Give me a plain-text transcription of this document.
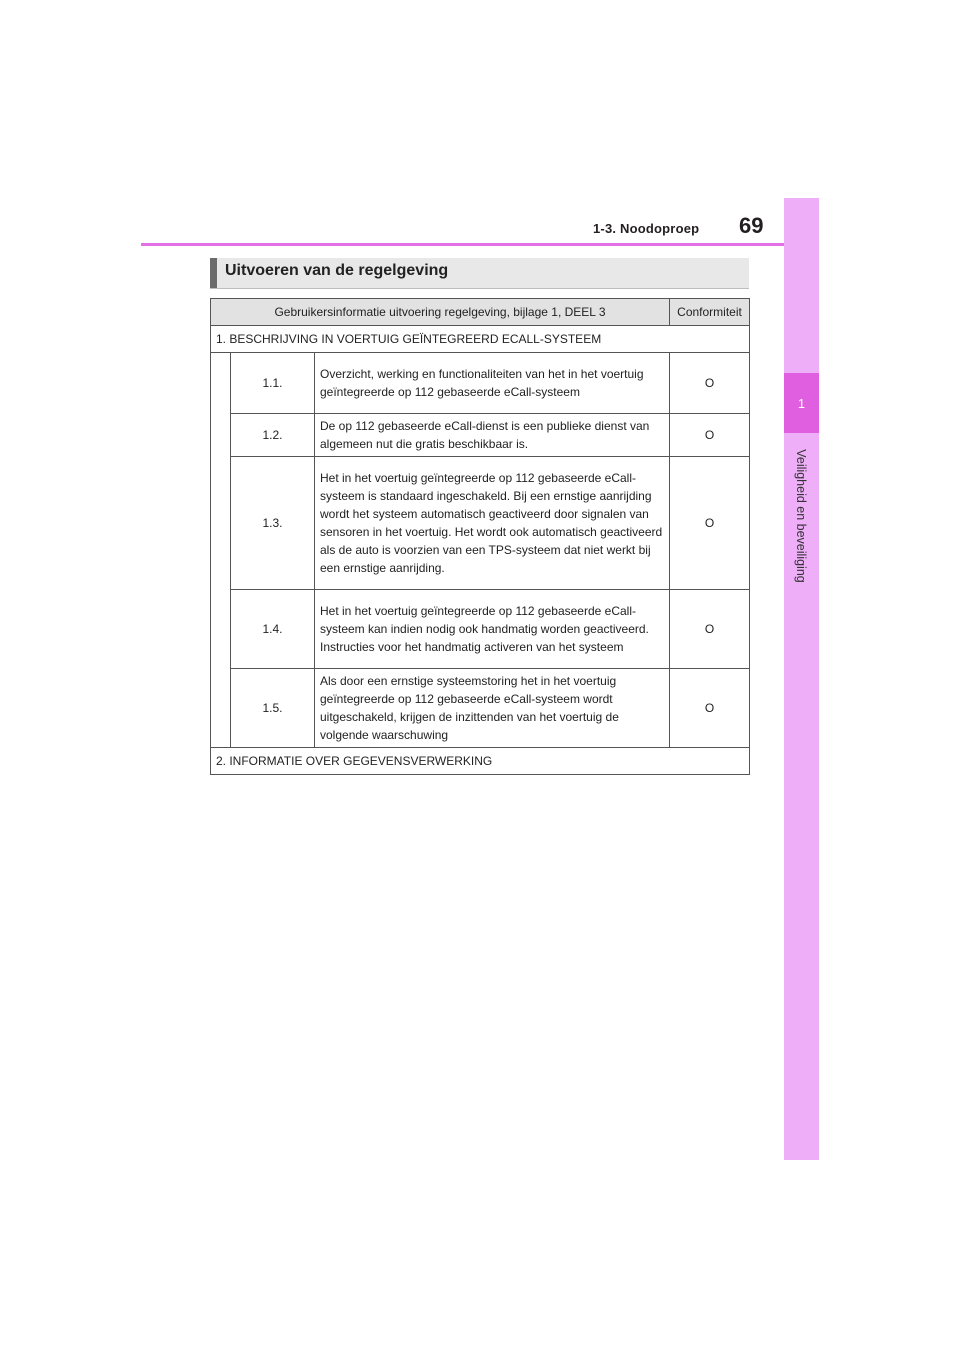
1-3. Noodoproep 69
1
Veiligheid en beveiliging
Uitvoeren van de regelgeving
Gebruikersinformatie uitvoering regelgeving, bijlage 1, DEEL 3			Conformiteit
1. BESCHRIJVING IN VOERTUIG GEÏNTEGREERD ECALL-SYSTEEM			
	1.1.	Overzicht, werking en functionaliteiten van het in het voertuig geïntegreerde op 112 gebaseerde eCall-systeem	O
	1.2.	De op 112 gebaseerde eCall-dienst is een publieke dienst van algemeen nut die gratis beschikbaar is.	O
	1.3.	Het in het voertuig geïntegreerde op 112 gebaseerde eCall-systeem is standaard ingeschakeld. Bij een ernstige aanrijding wordt het systeem automatisch geactiveerd door signalen van sensoren in het voertuig. Het wordt ook automatisch geactiveerd als de auto is voorzien van een TPS-systeem dat niet werkt bij een ernstige aanrijding.	O
	1.4.	Het in het voertuig geïntegreerde op 112 gebaseerde eCall-systeem kan indien nodig ook handmatig worden geactiveerd. Instructies voor het handmatig activeren van het systeem	O
	1.5.	Als door een ernstige systeemstoring het in het voertuig geïntegreerde op 112 gebaseerde eCall-systeem wordt uitgeschakeld, krijgen de inzittenden van het voertuig de volgende waarschuwing	O
2. INFORMATIE OVER GEGEVENSVERWERKING			
